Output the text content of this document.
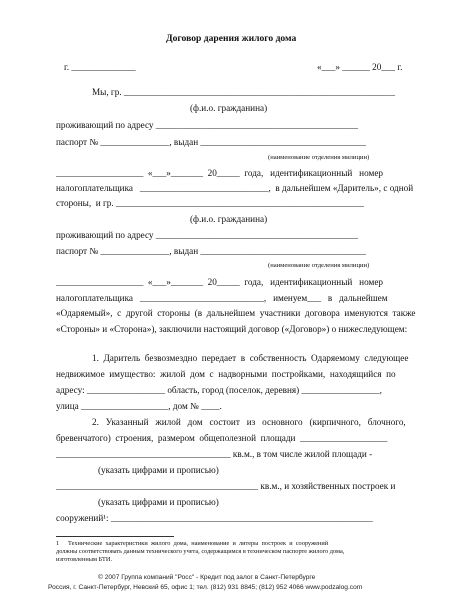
Договор дарения жилого дома
г. ______________	«___» ______ 20___ г.
Мы, гр. ___________________________________________________________
(ф.и.о. гражданина)
проживающий по адресу ____________________________________________
паспорт № _______________, выдан ____________________________________
(наименование отделения милиции)
___________________  «___»_______  20_____  года,   идентификационный   номер
налогоплательщика   ____________________________,  в дальнейшем «Даритель», с одной
стороны,  и гр. ______________________________________________________
(ф.и.о. гражданина)
проживающий по адресу ____________________________________________
паспорт № _______________, выдан ____________________________________
(наименование отделения милиции)
___________________  «___»_______  20_____  года,   идентификационный   номер
налогоплательщика   ___________________________,   именуем___   в   дальнейшем
«Одаряемый»,  с  другой  стороны  (в  дальнейшем  участники  договора  именуются  также
«Стороны» и «Сторона»), заключили настоящий договор («Договор») о нижеследующем:
1.  Даритель  безвозмездно  передает  в  собственность  Одаряемому  следующее
недвижимое  имущество:  жилой  дом  с  надворными  постройками,  находящийся  по
адресу: _________________ область, город (поселок, деревня) _________________,
улица ___________________, дом № ____.
2.   Указанный   жилой   дом   состоит   из   основного   (кирпичного,   блочного,
бревенчатого)  строения,  размером  общеполезной  площади  ___________________
______________________________________ кв.м., в том числе жилой площади -
(указать цифрами и прописью)
____________________________________________ кв.м., и хозяйственных построек и
(указать цифрами и прописью)
сооружений¹: _________________________________________________________
1 Технические  характеристики  жилого  дома,  наименование  и  литеры  построек  и  сооружений
должны соответствовать данным технического учета, содержащимся в техническом паспорте жилого дома,
изготовленным БТИ.
© 2007 Группа компаний "Росс" - Кредит под залог в Санкт-Петербурге
Россия, г. Санкт-Петербург, Невский 65, офис 1; тел. (812) 931 8845; (812) 952 4066 www.podzalog.com
